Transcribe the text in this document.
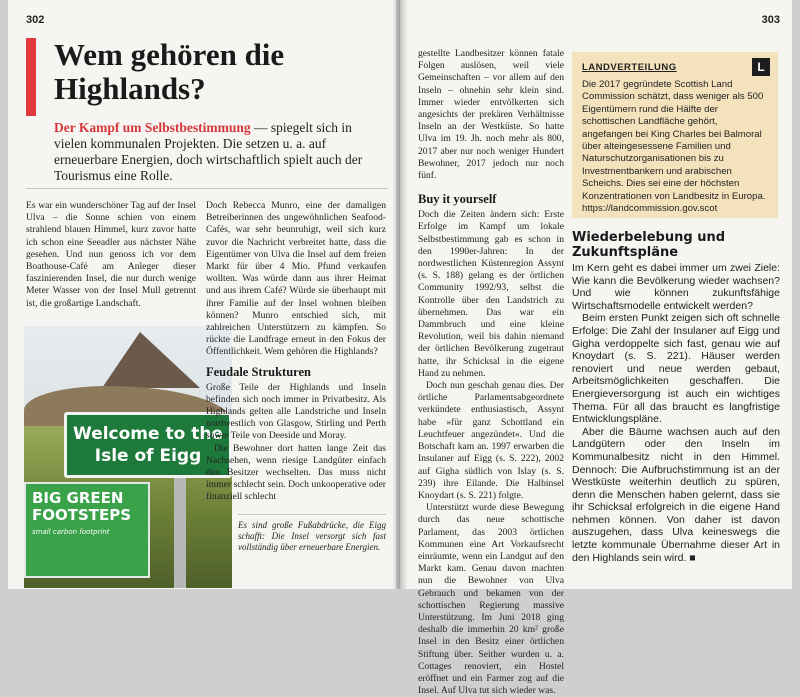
302
Wem gehören die Highlands?

Der Kampf um Selbstbestimmung — spiegelt sich in vielen kommunalen Projekten. Die setzen u. a. auf erneuerbare Energien, doch wirtschaftlich spielt auch der Tourismus eine Rolle.

Es war ein wunderschöner Tag auf der Insel Ulva – die Sonne schien von einem strahlend blauen Himmel, kurz zuvor hatte ich schon eine Seeadler aus nächster Nähe gesehen. Und nun genoss ich vor dem Boathouse-Café am Anleger dieser faszinierenden Insel, die nur durch wenige Meter Wasser von der Insel Mull getrennt ist, die großartige Landschaft.

Welcome to the Isle of Eigg
BIG GREEN FOOTSTEPS
small carbon footprint

Doch Rebecca Munro, eine der damaligen Betreiberinnen des ungewöhnlichen Seafood-Cafés, war sehr beunruhigt, weil sich kurz zuvor die Nachricht verbreitet hatte, dass die Eigentümer von Ulva die Insel auf dem freien Markt für über 4 Mio. Pfund verkaufen wollten. Was würde dann aus ihrer Heimat und aus ihrem Café? Würde sie überhaupt mit ihrer Familie auf der Insel wohnen bleiben können? Munro entschied sich, mit zahlreichen Unterstützern zu kämpfen. So rückte die Landfrage erneut in den Fokus der Öffentlichkeit. Wem gehören die Highlands?

Feudale Strukturen

Große Teile der Highlands und Inseln befinden sich noch immer in Privatbesitz. Als Highlands gelten alle Landstriche und Inseln nordwestlich von Glasgow, Stirling und Perth sowie Teile von Deeside und Moray.

Die Bewohner dort hatten lange Zeit das Nachsehen, wenn riesige Landgüter einfach den Besitzer wechselten. Das muss nicht immer schlecht sein. Doch unkooperative oder finanziell schlecht

Es sind große Fußabdrücke, die Eigg schafft: Die Insel versorgt sich fast vollständig über erneuerbare Energien.
303

gestellte Landbesitzer können fatale Folgen auslösen, weil viele Gemeinschaften – vor allem auf den Inseln – ohnehin sehr klein sind. Immer wieder entvölkerten sich angesichts der prekären Verhältnisse Inseln an der Westküste. So hatte Ulva im 19. Jh. noch mehr als 800, 2017 aber nur noch weniger Hundert Bewohner, 2017 jedoch nur noch fünf.

Buy it yourself

Doch die Zeiten ändern sich: Erste Erfolge im Kampf um lokale Selbstbestimmung gab es schon in den 1990er-Jahren: In der nordwestlichen Küstenregion Assynt (s. S. 188) gelang es der örtlichen Community 1992/93, selbst die Kontrolle über den Landstrich zu übernehmen. Das war ein Dammbruch und eine kleine Revolution, weil bis dahin niemand der örtlichen Bevölkerung zugetraut hatte, ihr Schicksal in die eigene Hand zu nehmen.

Doch nun geschah genau dies. Der örtliche Parlamentsabgeordnete verkündete enthusiastisch, Assynt habe »für ganz Schottland ein Leuchtfeuer angezündet«. Und die Botschaft kam an. 1997 erwarben die Insulaner auf Eigg (s. S. 222), 2002 auf Gigha südlich von Islay (s. S. 239) ihre Eilande. Die Halbinsel Knoydart (s. S. 221) folgte.

Unterstützt wurde diese Bewegung durch das neue schottische Parlament, das 2003 örtlichen Kommunen eine Art Vorkaufsrecht einräumte, wenn ein Landgut auf den Markt kam. Genau davon machten nun die Bewohner von Ulva Gebrauch und bekamen von der schottischen Regierung massive Unterstützung. Im Juni 2018 ging deshalb die immerhin 20 km² große Insel in den Besitz einer örtlichen Stiftung über. Seither wurden u. a. Cottages renoviert, ein Hostel eröffnet und ein Farmer zog auf die Insel. Auf Ulva tut sich wieder was.

L

LANDVERTEILUNG

Die 2017 gegründete Scottish Land Commission schätzt, dass weniger als 500 Eigentümern rund die Hälfte der schottischen Landfläche gehört, angefangen bei King Charles bei Balmoral über alteingesessene Familien und Naturschutzorganisationen bis zu Investmentbankern und arabischen Scheichs. Dies sei eine der höchsten Konzentrationen von Landbesitz in Europa. https://landcommission.gov.scot

Wiederbelebung und Zukunftspläne

Im Kern geht es dabei immer um zwei Ziele: Wie kann die Bevölkerung wieder wachsen? Und wie können zukunftsfähige Wirtschaftsmodelle entwickelt werden?

Beim ersten Punkt zeigen sich oft schnelle Erfolge: Die Zahl der Insulaner auf Eigg und Gigha verdoppelte sich fast, genau wie auf Knoydart (s. S. 221). Häuser werden renoviert und neue werden gebaut, Arbeitsmöglichkeiten geschaffen. Die Energieversorgung ist auch ein wichtiges Thema. Für all das braucht es langfristige Entwicklungspläne.

Aber die Bäume wachsen auch auf den Landgütern oder den Inseln im Kommunalbesitz nicht in den Himmel. Dennoch: Die Aufbruchstimmung ist an der Westküste weiterhin deutlich zu spüren, denn die Menschen haben gelernt, dass sie ihr Schicksal erfolgreich in die eigene Hand nehmen können. Von daher ist davon auszugehen, dass Ulva keineswegs die letzte kommunale Übernahme dieser Art in den Highlands sein wird. ■
